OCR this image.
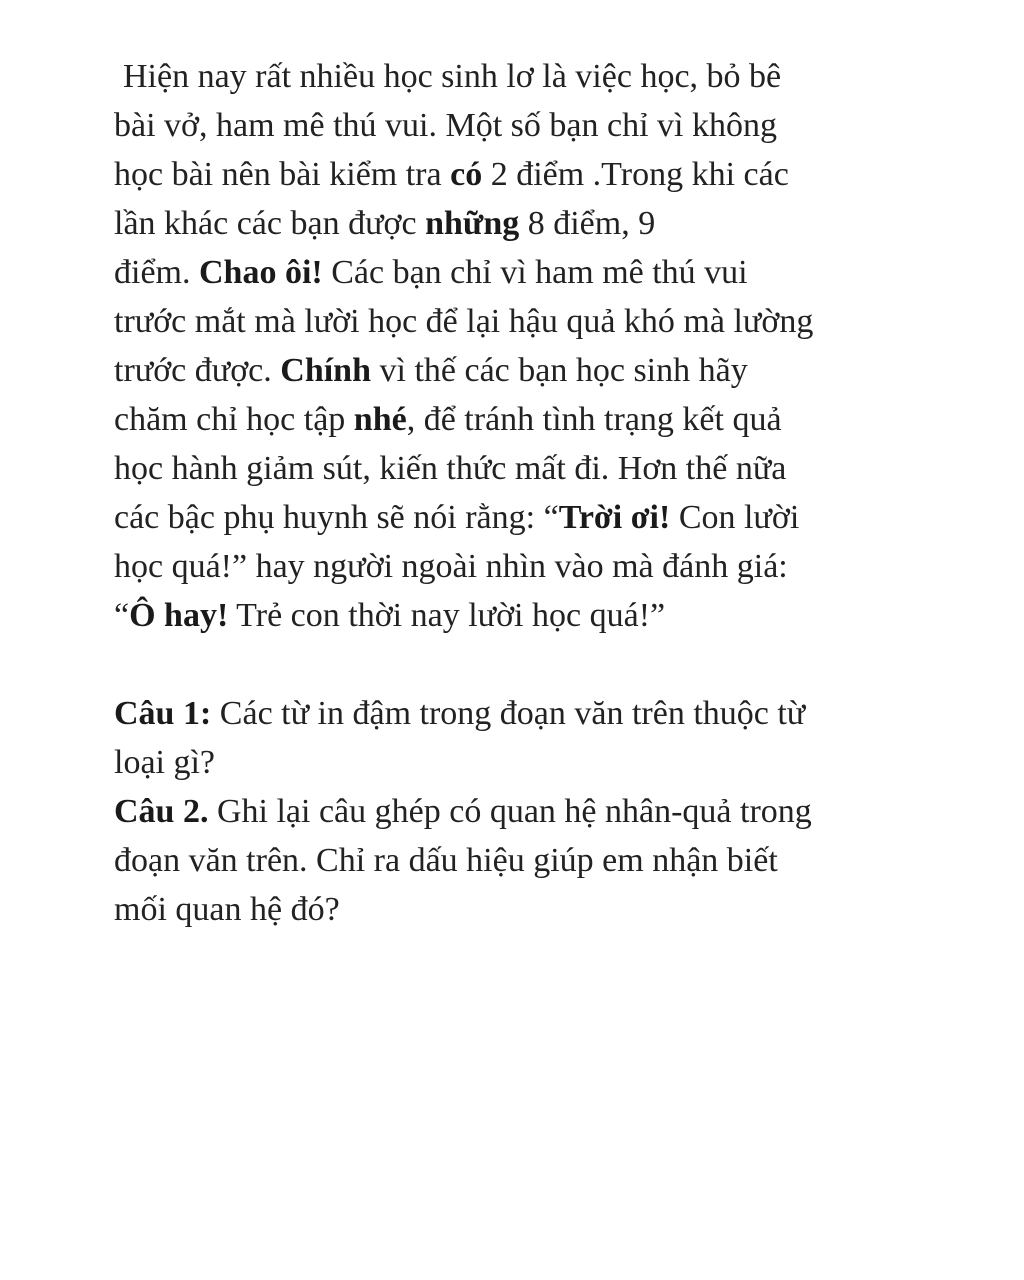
Hiện nay rất nhiều học sinh lơ là việc học, bỏ bê
bài vở, ham mê thú vui. Một số bạn chỉ vì không
học bài nên bài kiểm tra có 2 điểm .Trong khi các
lần khác các bạn được những 8 điểm, 9
điểm. Chao ôi! Các bạn chỉ vì ham mê thú vui
trước mắt mà lười học để lại hậu quả khó mà lường
trước được. Chính vì thế các bạn học sinh hãy
chăm chỉ học tập nhé, để tránh tình trạng kết quả
học hành giảm sút, kiến thức mất đi. Hơn thế nữa
các bậc phụ huynh sẽ nói rằng: “Trời ơi! Con lười
học quá!” hay người ngoài nhìn vào mà đánh giá:
“Ô hay! Trẻ con thời nay lười học quá!”
Câu 1: Các từ in đậm trong đoạn văn trên thuộc từ
loại gì?
Câu 2. Ghi lại câu ghép có quan hệ nhân-quả trong
đoạn văn trên. Chỉ ra dấu hiệu giúp em nhận biết
mối quan hệ đó?
